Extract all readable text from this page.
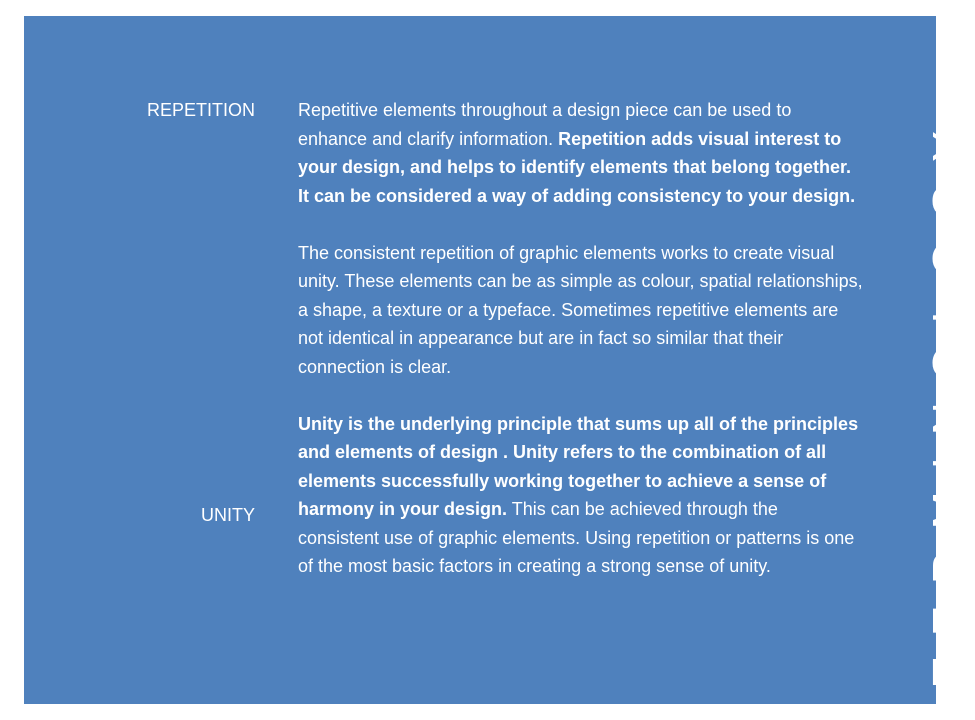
REPETITION
UNITY

Repetitive elements throughout a design piece can be used to enhance and clarify information. Repetition adds visual interest to your design, and helps to identify elements that belong together. It can be considered a way of adding consistency to your design.

The consistent repetition of graphic elements works to create visual unity. These elements can be as simple as colour, spatial relationships, a shape, a texture or a typeface. Sometimes repetitive elements are not identical in appearance but are in fact so similar that their connection is clear.

Unity is the underlying principle that sums up all of the principles and elements of design . Unity refers to the combination of all elements successfully working together to achieve a sense of harmony in your design. This can be achieved through the consistent use of graphic elements. Using repetition or patterns is one of the most basic factors in creating a strong sense of unity.	TERMINOLOGY
